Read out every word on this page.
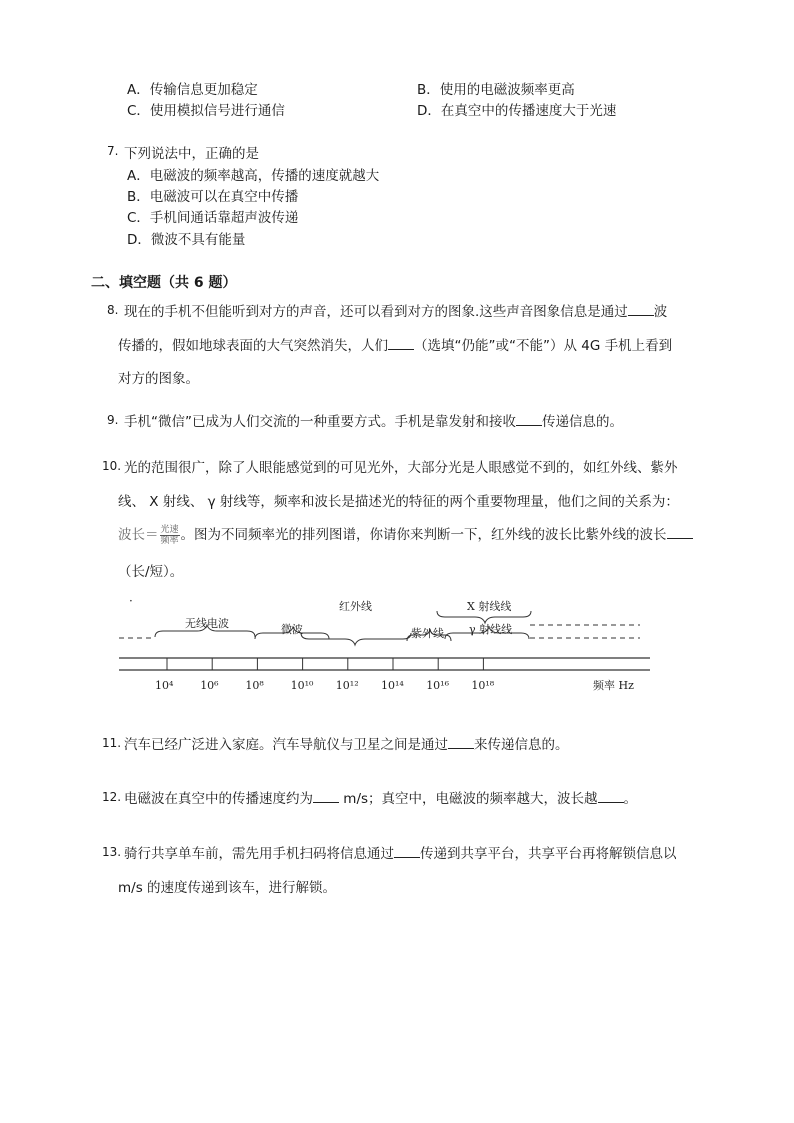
A．传输信息更加稳定	B．使用的电磁波频率更高
C．使用模拟信号进行通信	D．在真空中的传播速度大于光速
7. 下列说法中，正确的是
A．电磁波的频率越高，传播的速度就越大
B．电磁波可以在真空中传播
C．手机间通话靠超声波传递
D．微波不具有能量
二、填空题（共 6 题）
8. 现在的手机不但能听到对方的声音，还可以看到对方的图象.这些声音图象信息是通过 波
传播的，假如地球表面的大气突然消失，人们 （选填“仍能”或“不能”）从 4G 手机上看到
对方的图象。
9. 手机“微信”已成为人们交流的一种重要方式。手机是靠发射和接收 传递信息的。
10. 光的范围很广，除了人眼能感觉到的可见光外，大部分光是人眼感觉不到的，如红外线、紫外
线、 X 射线、 γ 射线等，频率和波长是描述光的特征的两个重要物理量，他们之间的关系为：
波长＝ $\frac{\text{光速}}{\text{频率}}$ 。图为不同频率光的排列图谱，你请你来判断一下，红外线的波长比紫外线的波长
（长/短）。
·
无线电波	微波
红外线
紫外线
X 射线线
γ 射线线
10⁴ 10⁶ 10⁸ 10¹⁰ 10¹² 10¹⁴ 10¹⁶ 10¹⁸	频率 Hz
11. 汽车已经广泛进入家庭。汽车导航仪与卫星之间是通过 来传递信息的。
12. 电磁波在真空中的传播速度约为 m/s；真空中，电磁波的频率越大，波长越 。
13. 骑行共享单车前，需先用手机扫码将信息通过 传递到共享平台，共享平台再将解锁信息以
m/s 的速度传递到该车，进行解锁。
